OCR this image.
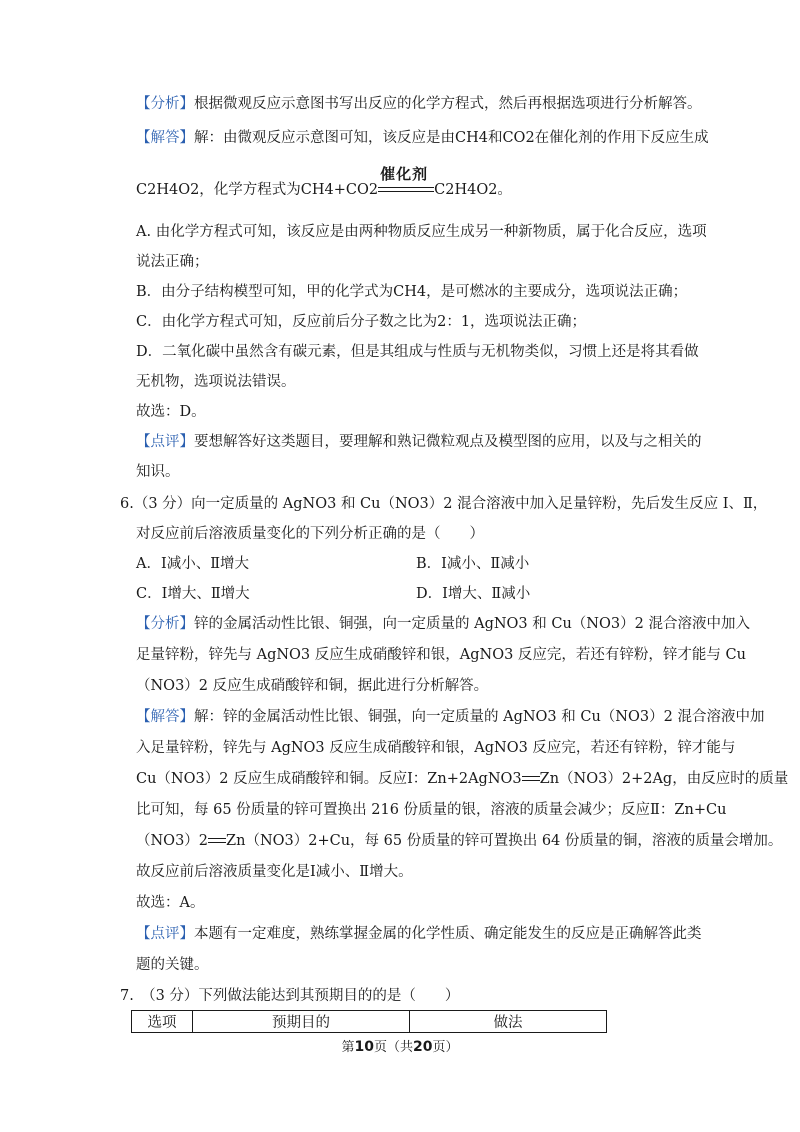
【分析】根据微观反应示意图书写出反应的化学方程式，然后再根据选项进行分析解答。
【解答】解：由微观反应示意图可知，该反应是由CH4和CO2在催化剂的作用下反应生成
C2H4O2，化学方程式为CH4+CO2
催化剂
C2H4O2。
A. 由化学方程式可知，该反应是由两种物质反应生成另一种新物质，属于化合反应，选项
说法正确；
B．由分子结构模型可知，甲的化学式为CH4，是可燃冰的主要成分，选项说法正确；
C．由化学方程式可知，反应前后分子数之比为2：1，选项说法正确；
D．二氧化碳中虽然含有碳元素，但是其组成与性质与无机物类似，习惯上还是将其看做
无机物，选项说法错误。
故选：D。
【点评】要想解答好这类题目，要理解和熟记微粒观点及模型图的应用，以及与之相关的
知识。
6.（3 分）向一定质量的 AgNO3 和 Cu（NO3）2 混合溶液中加入足量锌粉，先后发生反应 Ⅰ、Ⅱ，
对反应前后溶液质量变化的下列分析正确的是（　　）
A．Ⅰ减小、Ⅱ增大	B．Ⅰ减小、Ⅱ减小
C．Ⅰ增大、Ⅱ增大	D．Ⅰ增大、Ⅱ减小
【分析】锌的金属活动性比银、铜强，向一定质量的 AgNO3 和 Cu（NO3）2 混合溶液中加入
足量锌粉，锌先与 AgNO3 反应生成硝酸锌和银，AgNO3 反应完，若还有锌粉，锌才能与 Cu
（NO3）2 反应生成硝酸锌和铜，据此进行分析解答。
【解答】解：锌的金属活动性比银、铜强，向一定质量的 AgNO3 和 Cu（NO3）2 混合溶液中加
入足量锌粉，锌先与 AgNO3 反应生成硝酸锌和银，AgNO3 反应完，若还有锌粉，锌才能与
Cu（NO3）2 反应生成硝酸锌和铜。反应Ⅰ：Zn+2AgNO3 Zn（NO3）2+2Ag，由反应时的质量
比可知，每 65 份质量的锌可置换出 216 份质量的银，溶液的质量会减少；反应Ⅱ：Zn+Cu
（NO3）2 Zn（NO3）2+Cu，每 65 份质量的锌可置换出 64 份质量的铜，溶液的质量会增加。
故反应前后溶液质量变化是Ⅰ减小、Ⅱ增大。
故选：A。
【点评】本题有一定难度，熟练掌握金属的化学性质、确定能发生的反应是正确解答此类
题的关键。
7.　（3 分）下列做法能达到其预期目的的是（　　）
选项	预期目的	做法
第10页（共20页）
